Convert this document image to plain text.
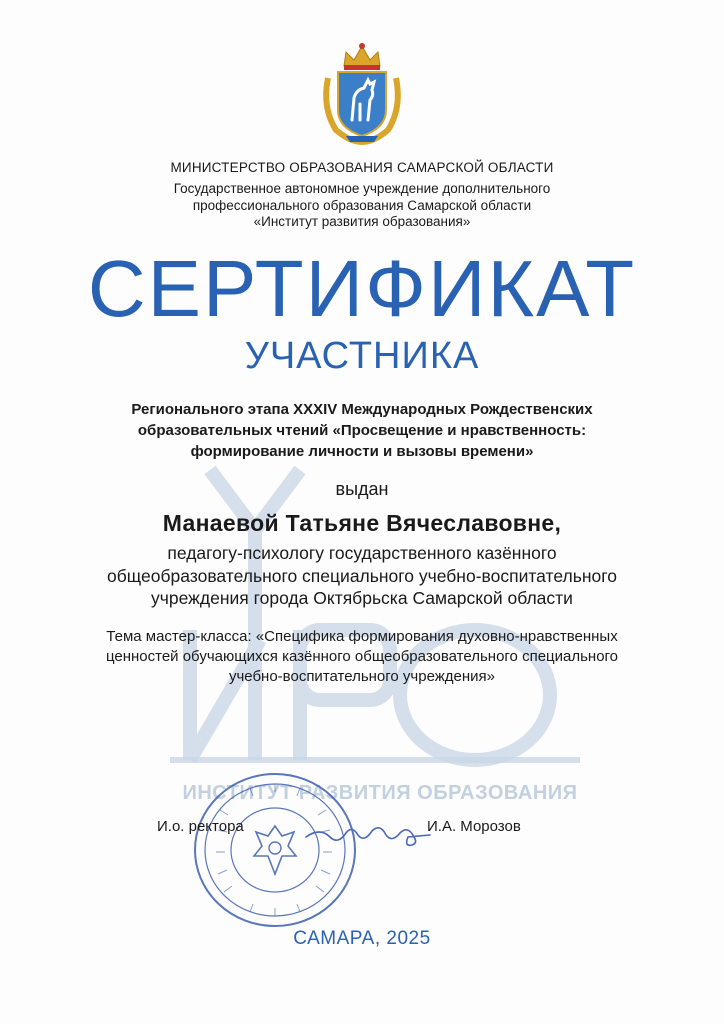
ИНСТИТУТ РАЗВИТИЯ ОБРАЗОВАНИЯ
МИНИСТЕРСТВО ОБРАЗОВАНИЯ САМАРСКОЙ ОБЛАСТИ
Государственное автономное учреждение дополнительного
профессионального образования Самарской области
«Институт развития образования»
СЕРТИФИКАТ
УЧАСТНИКА
Регионального этапа XXXIV Международных Рождественских
образовательных чтений «Просвещение и нравственность:
формирование личности и вызовы времени»
выдан
Манаевой Татьяне Вячеславовне,
педагогу-психологу государственного казённого
общеобразовательного специального учебно-воспитательного
учреждения города Октябрьска Самарской области
Тема мастер-класса: «Специфика формирования духовно-нравственных
ценностей обучающихся казённого общеобразовательного специального
учебно-воспитательного учреждения»
И.о. ректора	И.А. Морозов
САМАРА, 2025
